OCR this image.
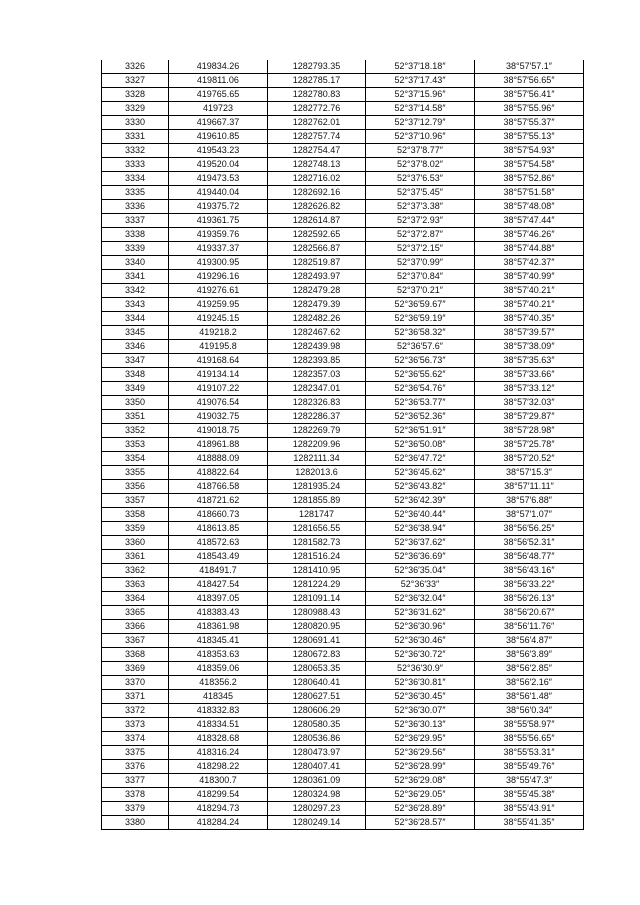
3326	419834.26	1282793.35	52°37′18.18″	38°57′57.1″
3327	419811.06	1282785.17	52°37′17.43″	38°57′56.65″
3328	419765.65	1282780.83	52°37′15.96″	38°57′56.41″
3329	419723	1282772.76	52°37′14.58″	38°57′55.96″
3330	419667.37	1282762.01	52°37′12.79″	38°57′55.37″
3331	419610.85	1282757.74	52°37′10.96″	38°57′55.13″
3332	419543.23	1282754.47	52°37′8.77″	38°57′54.93″
3333	419520.04	1282748.13	52°37′8.02″	38°57′54.58″
3334	419473.53	1282716.02	52°37′6.53″	38°57′52.86″
3335	419440.04	1282692.16	52°37′5.45″	38°57′51.58″
3336	419375.72	1282626.82	52°37′3.38″	38°57′48.08″
3337	419361.75	1282614.87	52°37′2.93″	38°57′47.44″
3338	419359.76	1282592.65	52°37′2.87″	38°57′46.26″
3339	419337.37	1282566.87	52°37′2.15″	38°57′44.88″
3340	419300.95	1282519.87	52°37′0.99″	38°57′42.37″
3341	419296.16	1282493.97	52°37′0.84″	38°57′40.99″
3342	419276.61	1282479.28	52°37′0.21″	38°57′40.21″
3343	419259.95	1282479.39	52°36′59.67″	38°57′40.21″
3344	419245.15	1282482.26	52°36′59.19″	38°57′40.35″
3345	419218.2	1282467.62	52°36′58.32″	38°57′39.57″
3346	419195.8	1282439.98	52°36′57.6″	38°57′38.09″
3347	419168.64	1282393.85	52°36′56.73″	38°57′35.63″
3348	419134.14	1282357.03	52°36′55.62″	38°57′33.66″
3349	419107.22	1282347.01	52°36′54.76″	38°57′33.12″
3350	419076.54	1282326.83	52°36′53.77″	38°57′32.03″
3351	419032.75	1282286.37	52°36′52.36″	38°57′29.87″
3352	419018.75	1282269.79	52°36′51.91″	38°57′28.98″
3353	418961.88	1282209.96	52°36′50.08″	38°57′25.78″
3354	418888.09	1282111.34	52°36′47.72″	38°57′20.52″
3355	418822.64	1282013.6	52°36′45.62″	38°57′15.3″
3356	418766.58	1281935.24	52°36′43.82″	38°57′11.11″
3357	418721.62	1281855.89	52°36′42.39″	38°57′6.88″
3358	418660.73	1281747	52°36′40.44″	38°57′1.07″
3359	418613.85	1281656.55	52°36′38.94″	38°56′56.25″
3360	418572.63	1281582.73	52°36′37.62″	38°56′52.31″
3361	418543.49	1281516.24	52°36′36.69″	38°56′48.77″
3362	418491.7	1281410.95	52°36′35.04″	38°56′43.16″
3363	418427.54	1281224.29	52°36′33″	38°56′33.22″
3364	418397.05	1281091.14	52°36′32.04″	38°56′26.13″
3365	418383.43	1280988.43	52°36′31.62″	38°56′20.67″
3366	418361.98	1280820.95	52°36′30.96″	38°56′11.76″
3367	418345.41	1280691.41	52°36′30.46″	38°56′4.87″
3368	418353.63	1280672.83	52°36′30.72″	38°56′3.89″
3369	418359.06	1280653.35	52°36′30.9″	38°56′2.85″
3370	418356.2	1280640.41	52°36′30.81″	38°56′2.16″
3371	418345	1280627.51	52°36′30.45″	38°56′1.48″
3372	418332.83	1280606.29	52°36′30.07″	38°56′0.34″
3373	418334.51	1280580.35	52°36′30.13″	38°55′58.97″
3374	418328.68	1280536.86	52°36′29.95″	38°55′56.65″
3375	418316.24	1280473.97	52°36′29.56″	38°55′53.31″
3376	418298.22	1280407.41	52°36′28.99″	38°55′49.76″
3377	418300.7	1280361.09	52°36′29.08″	38°55′47.3″
3378	418299.54	1280324.98	52°36′29.05″	38°55′45.38″
3379	418294.73	1280297.23	52°36′28.89″	38°55′43.91″
3380	418284.24	1280249.14	52°36′28.57″	38°55′41.35″
